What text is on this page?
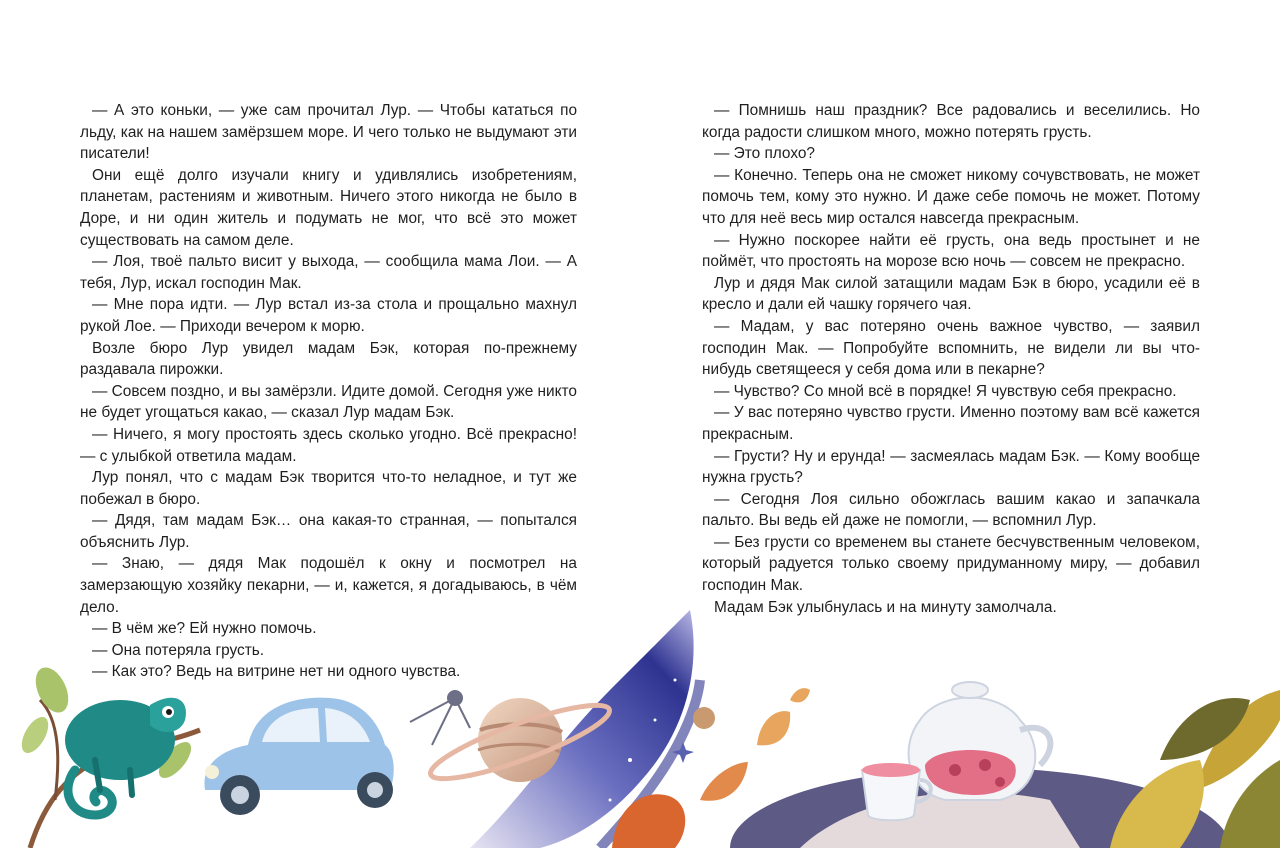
— А это коньки, — уже сам прочитал Лур. — Чтобы кататься по льду, как на нашем замёрзшем море. И чего только не выдумают эти писатели!

Они ещё долго изучали книгу и удивлялись изобретениям, планетам, растениям и животным. Ничего этого никогда не было в Доре, и ни один житель и подумать не мог, что всё это может существовать на самом деле.

— Лоя, твоё пальто висит у выхода, — сообщила мама Лои. — А тебя, Лур, искал господин Мак.

— Мне пора идти. — Лур встал из-за стола и прощально махнул рукой Лое. — Приходи вечером к морю.

Возле бюро Лур увидел мадам Бэк, которая по-прежнему раздавала пирожки.

— Совсем поздно, и вы замёрзли. Идите домой. Сегодня уже никто не будет угощаться какао, — сказал Лур мадам Бэк.

— Ничего, я могу простоять здесь сколько угодно. Всё прекрасно! — с улыбкой ответила мадам.

Лур понял, что с мадам Бэк творится что-то неладное, и тут же побежал в бюро.

— Дядя, там мадам Бэк… она какая-то странная, — попытался объяснить Лур.

— Знаю, — дядя Мак подошёл к окну и посмотрел на замерзающую хозяйку пекарни, — и, кажется, я догадываюсь, в чём дело.

— В чём же? Ей нужно помочь.

— Она потеряла грусть.

— Как это? Ведь на витрине нет ни одного чувства.

— Помнишь наш праздник? Все радовались и веселились. Но когда радости слишком много, можно потерять грусть.

— Это плохо?

— Конечно. Теперь она не сможет никому сочувствовать, не может помочь тем, кому это нужно. И даже себе помочь не может. Потому что для неё весь мир остался навсегда прекрасным.

— Нужно поскорее найти её грусть, она ведь простынет и не поймёт, что простоять на морозе всю ночь — совсем не прекрасно.

Лур и дядя Мак силой затащили мадам Бэк в бюро, усадили её в кресло и дали ей чашку горячего чая.

— Мадам, у вас потеряно очень важное чувство, — заявил господин Мак. — Попробуйте вспомнить, не видели ли вы что-нибудь светящееся у себя дома или в пекарне?

— Чувство? Со мной всё в порядке! Я чувствую себя прекрасно.

— У вас потеряно чувство грусти. Именно поэтому вам всё кажется прекрасным.

— Грусти? Ну и ерунда! — засмеялась мадам Бэк. — Кому вообще нужна грусть?

— Сегодня Лоя сильно обожглась вашим какао и запачкала пальто. Вы ведь ей даже не помогли, — вспомнил Лур.

— Без грусти со временем вы станете бесчувственным человеком, который радуется только своему придуманному миру, — добавил господин Мак.

Мадам Бэк улыбнулась и на минуту замолчала.
